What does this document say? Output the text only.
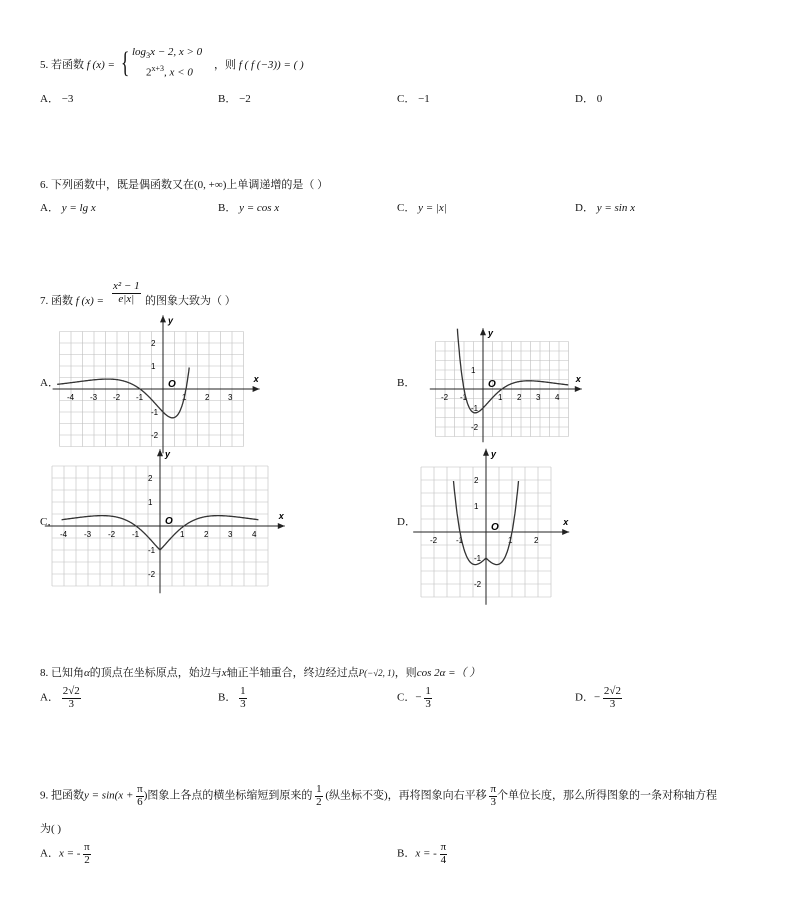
5. 若函数 f (x) = { $\log_3x - 2$, x > 0
$2^{x+3}$, x < 0
，则 f ( f (−3)) = ( )
A． −3	B． −2	C． −1	D． 0
6. 下列函数中，既是偶函数又在(0, +∞)上单调递增的是（ ）
A． y = lg x	B． y = cos x	C． y = |x|	D． y = sin x
7. 函数 f $(x) = \frac{\text{x² − 1}}{e|x|}$ 的图象大致为（ ）
A．	B．
C．	D．
x
y
O
-4 -3 -2 -1	1 2 3
2
1
-1
-2
x
y
O
-2 -1	1 2 3 4
1
-1
-2
x
y
O
-4 -3 -2 -1	1 2 3 4
2
1
-1
-2
x
y
O
-2 -1	1	2
2
1
-1
-2
8. 已知角α的顶点在坐标原点，始边与x轴正半轴重合，终边经过点P(−√2, 1)，则cos 2α =（ ）
A． $\frac{2√2}{3}$	B． $\frac{1}{3}$	C．− $\frac{1}{3}$	D．− $\frac{2√2}{3}$
9. 把函数$y = \sin(x + \frac{\pi}{6}$ )图象上各点的横坐标缩短到原来的 $\frac{1}{2}$ (纵坐标不变)，再将图象向右平移 $\frac{\pi}{3}$ 个单位长度，那么所得图象的一条对称轴方程
为( )
A．x = - $\frac{\pi}{2}$	B．x = - $\frac{\pi}{4}$
